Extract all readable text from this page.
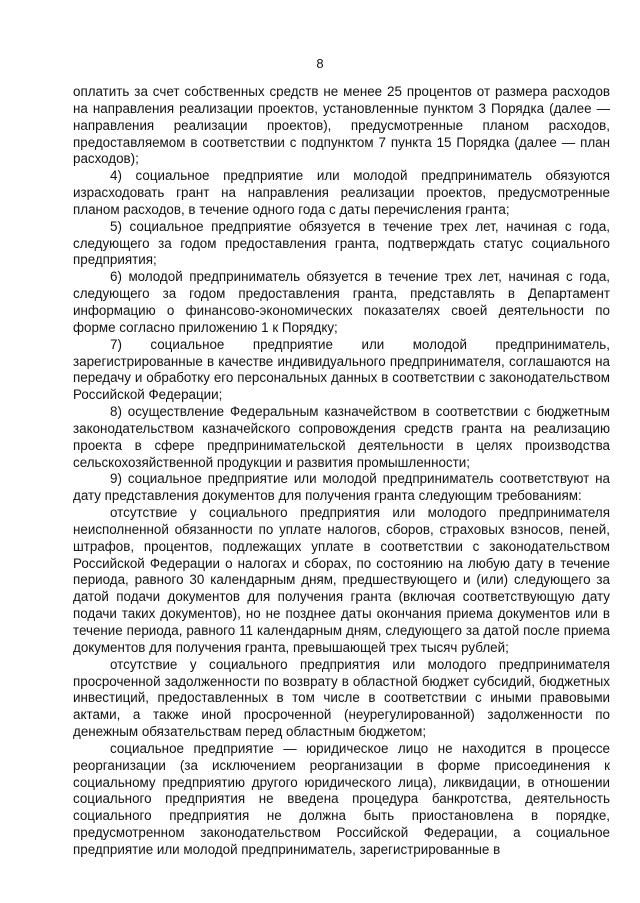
8

оплатить за счет собственных средств не менее 25 процентов от размера расходов на направления реализации проектов, установленные пунктом 3 Порядка (далее — направления реализации проектов), предусмотренные планом расходов, предоставляемом в соответствии с подпунктом 7 пункта 15 Порядка (далее — план расходов);

4) социальное предприятие или молодой предприниматель обязуются израсходовать грант на направления реализации проектов, предусмотренные планом расходов, в течение одного года с даты перечисления гранта;

5) социальное предприятие обязуется в течение трех лет, начиная с года, следующего за годом предоставления гранта, подтверждать статус социального предприятия;

6) молодой предприниматель обязуется в течение трех лет, начиная с года, следующего за годом предоставления гранта, представлять в Департамент информацию о финансово-экономических показателях своей деятельности по форме согласно приложению 1 к Порядку;

7) социальное предприятие или молодой предприниматель, зарегистрированные в качестве индивидуального предпринимателя, соглашаются на передачу и обработку его персональных данных в соответствии с законодательством Российской Федерации;

8) осуществление Федеральным казначейством в соответствии с бюджетным законодательством казначейского сопровождения средств гранта на реализацию проекта в сфере предпринимательской деятельности в целях производства сельскохозяйственной продукции и развития промышленности;

9) социальное предприятие или молодой предприниматель соответствуют на дату представления документов для получения гранта следующим требованиям:

отсутствие у социального предприятия или молодого предпринимателя неисполненной обязанности по уплате налогов, сборов, страховых взносов, пеней, штрафов, процентов, подлежащих уплате в соответствии с законодательством Российской Федерации о налогах и сборах, по состоянию на любую дату в течение периода, равного 30 календарным дням, предшествующего и (или) следующего за датой подачи документов для получения гранта (включая соответствующую дату подачи таких документов), но не позднее даты окончания приема документов или в течение периода, равного 11 календарным дням, следующего за датой после приема документов для получения гранта, превышающей трех тысяч рублей;

отсутствие у социального предприятия или молодого предпринимателя просроченной задолженности по возврату в областной бюджет субсидий, бюджетных инвестиций, предоставленных в том числе в соответствии с иными правовыми актами, а также иной просроченной (неурегулированной) задолженности по денежным обязательствам перед областным бюджетом;

социальное предприятие — юридическое лицо не находится в процессе реорганизации (за исключением реорганизации в форме присоединения к социальному предприятию другого юридического лица), ликвидации, в отношении социального предприятия не введена процедура банкротства, деятельность социального предприятия не должна быть приостановлена в порядке, предусмотренном законодательством Российской Федерации, а социальное предприятие или молодой предприниматель, зарегистрированные в
